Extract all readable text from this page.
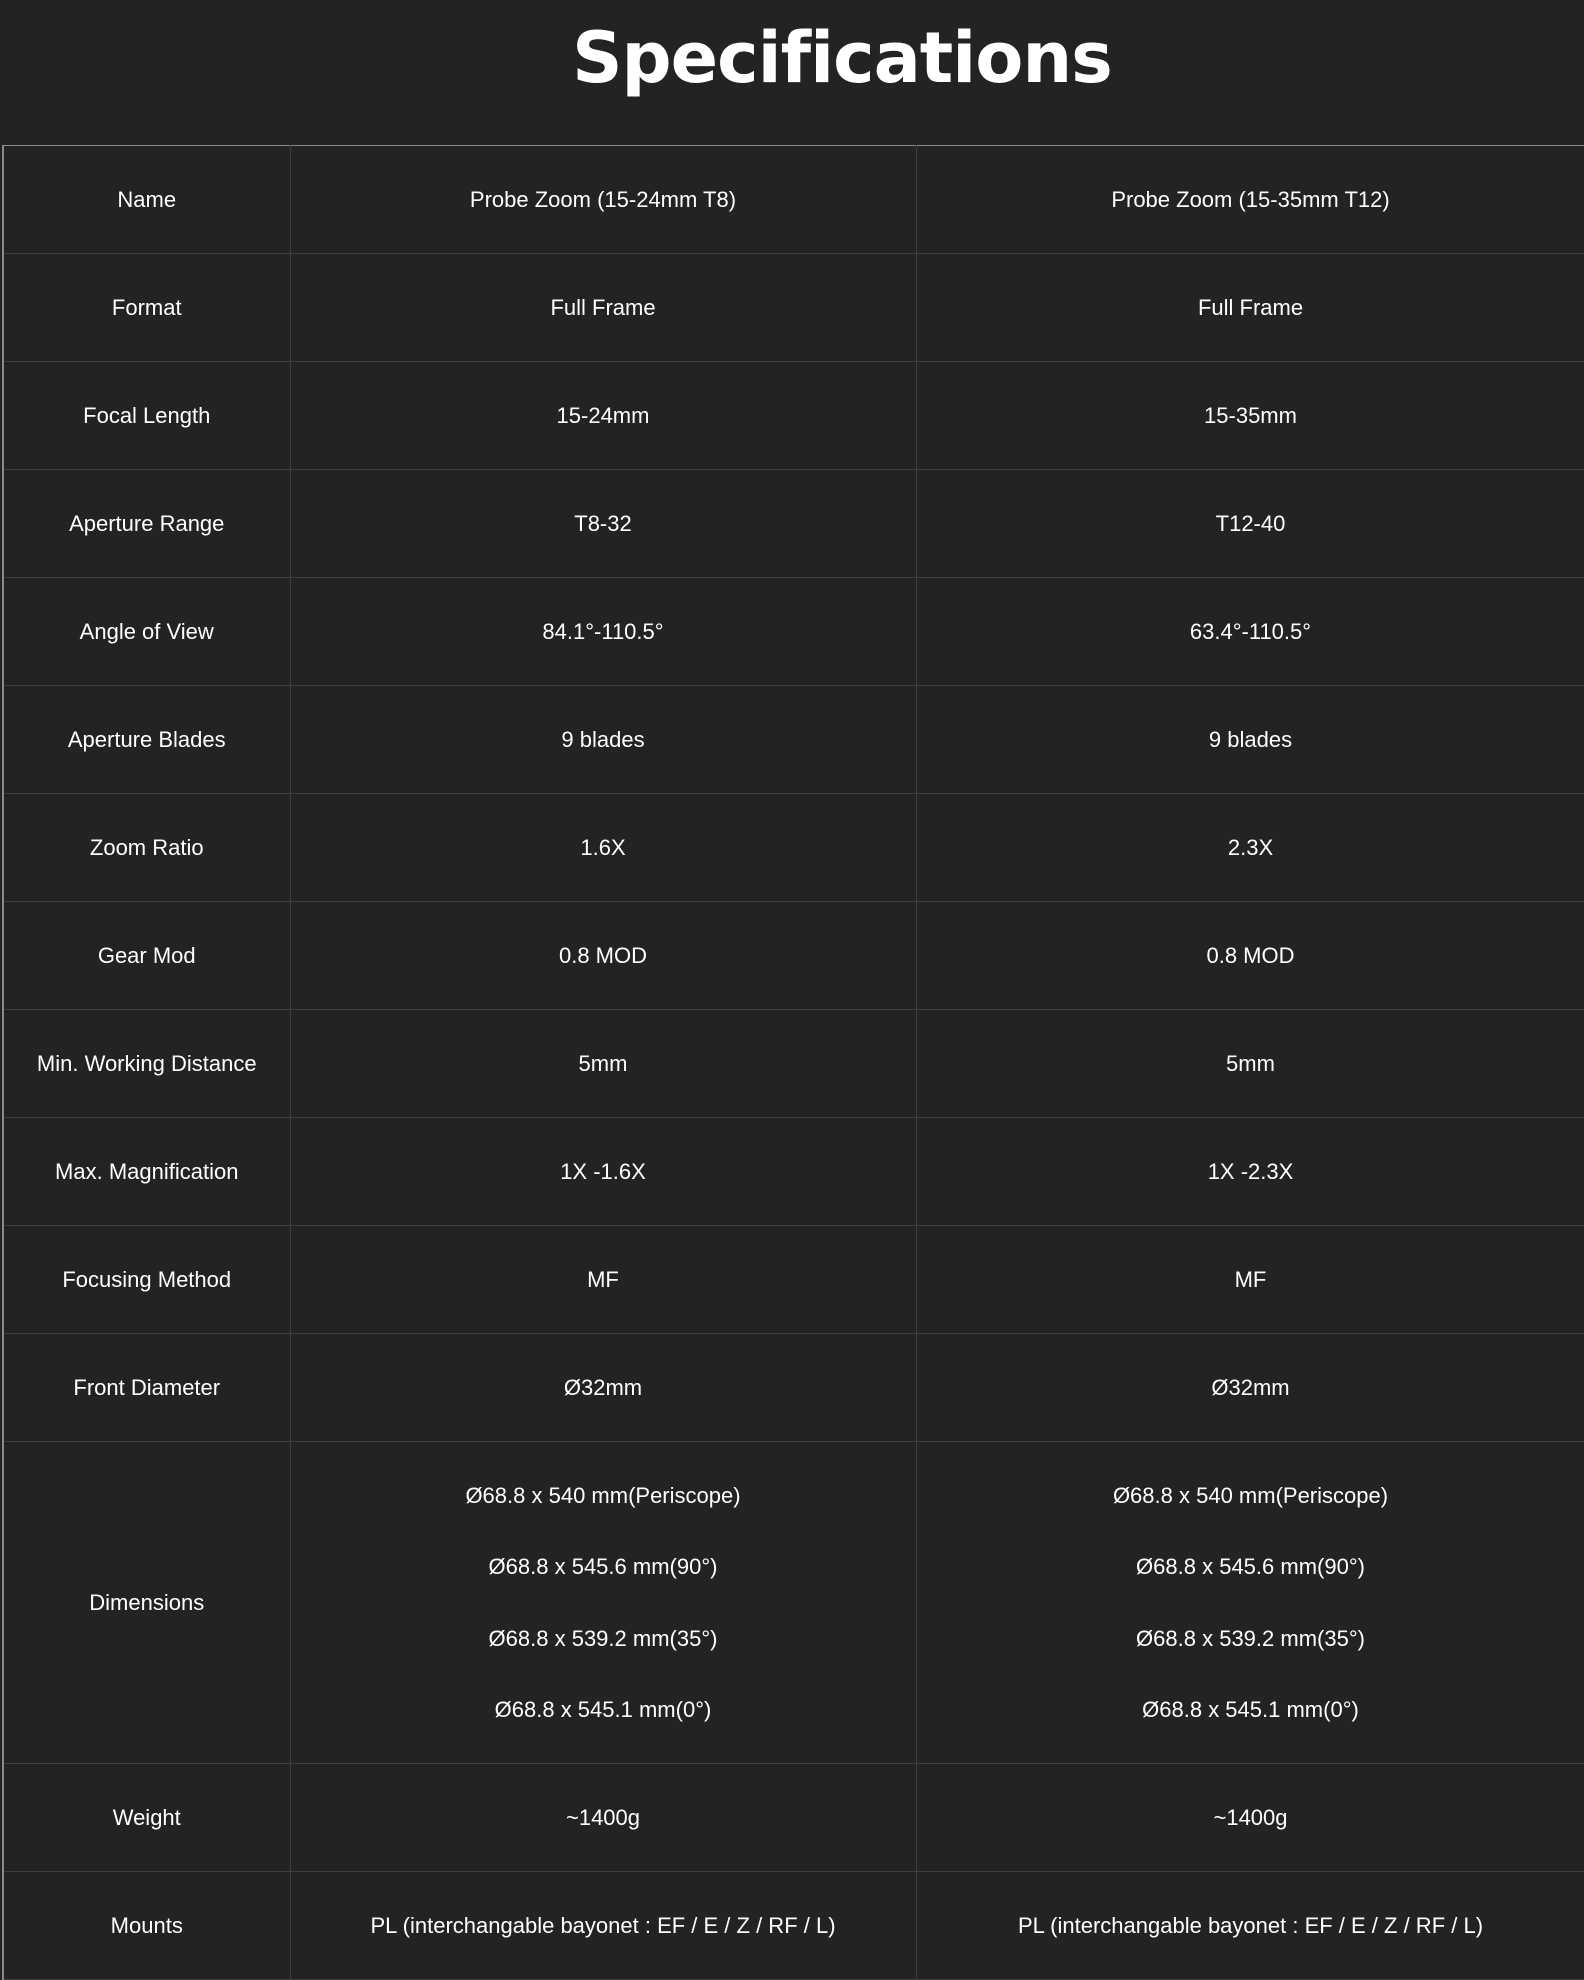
Specifications
Name	Probe Zoom (15-24mm T8)	Probe Zoom (15-35mm T12)

Format	Full Frame	Full Frame

Focal Length	15-24mm	15-35mm

Aperture Range	T8-32	T12-40

Angle of View	84.1°-110.5°	63.4°-110.5°

Aperture Blades	9 blades	9 blades

Zoom Ratio	1.6X	2.3X

Gear Mod	0.8 MOD	0.8 MOD

Min. Working Distance	5mm	5mm

Max. Magnification	1X -1.6X	1X -2.3X

Focusing Method	MF	MF

Front Diameter	Ø32mm	Ø32mm

Dimensions	Ø68.8 x 540 mm(Periscope)
Ø68.8 x 545.6 mm(90°)
Ø68.8 x 539.2 mm(35°)
Ø68.8 x 545.1 mm(0°)	Ø68.8 x 540 mm(Periscope)
Ø68.8 x 545.6 mm(90°)
Ø68.8 x 539.2 mm(35°)
Ø68.8 x 545.1 mm(0°)

Weight	~1400g	~1400g

Mounts	PL (interchangable bayonet : EF / E / Z / RF / L)	PL (interchangable bayonet : EF / E / Z / RF / L)
